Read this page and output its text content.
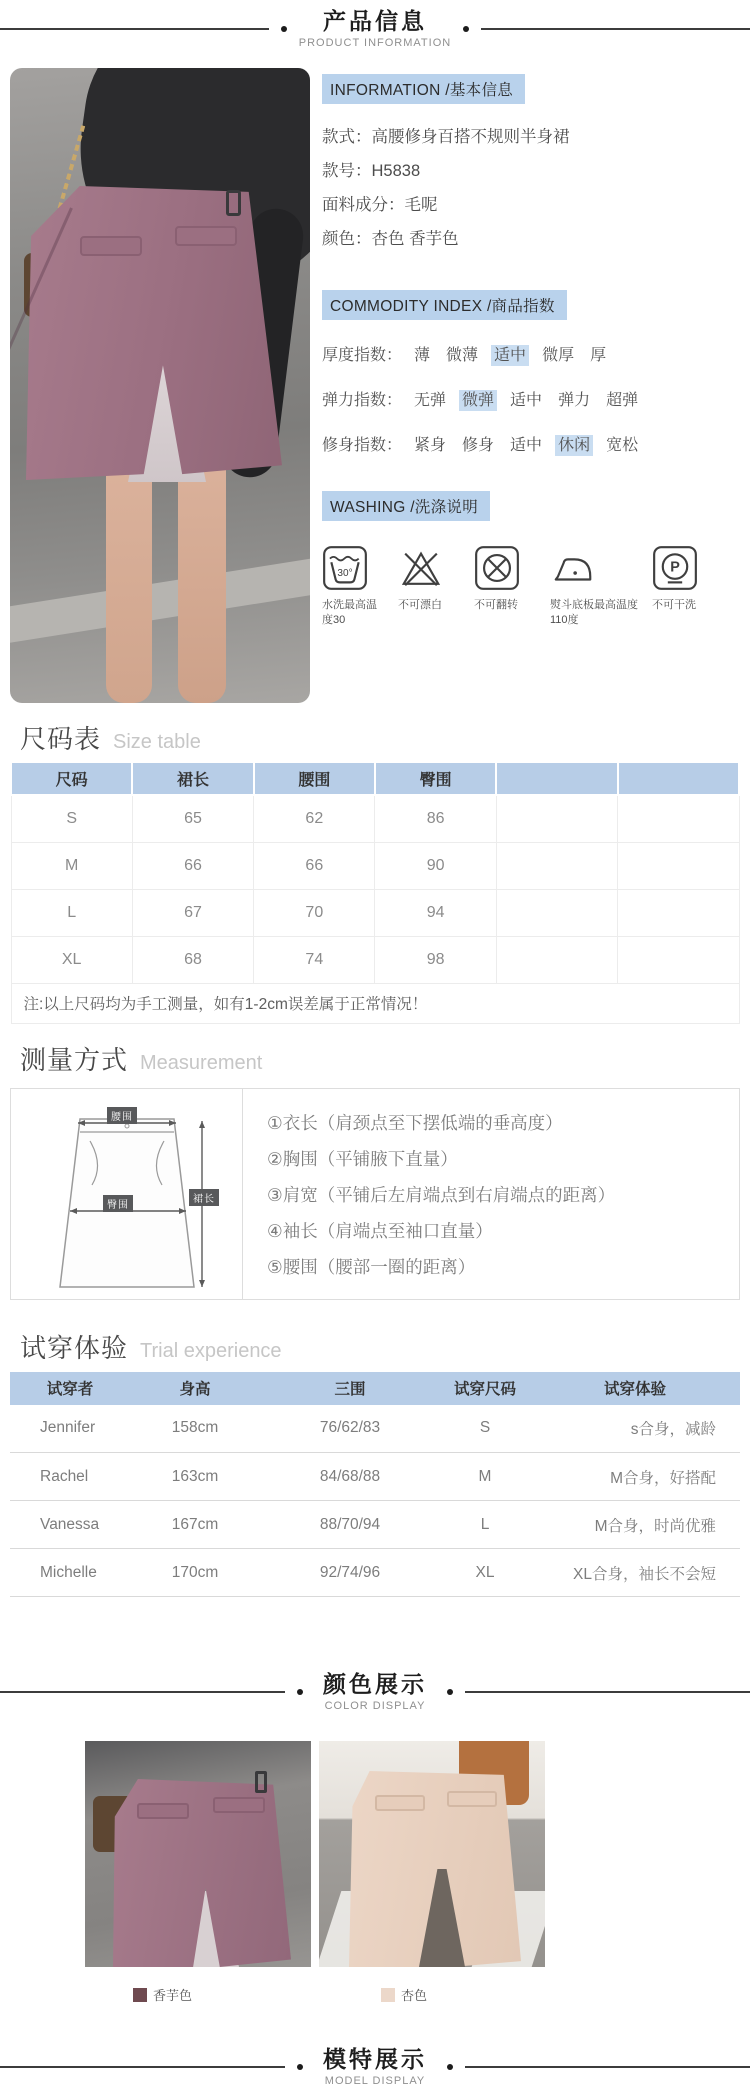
产品信息
PRODUCT INFORMATION
INFORMATION /基本信息
款式：高腰修身百搭不规则半身裙
款号：H5838
面料成分：毛呢
颜色：杏色 香芋色
COMMODITY INDEX /商品指数
厚度指数： 薄 微薄 适中 微厚 厚
弹力指数： 无弹 微弹 适中 弹力 超弹
修身指数： 紧身 修身 适中 休闲 宽松
WASHING /洗涤说明
30°
水洗最高温度30
不可漂白	不可翻转	熨斗底板最高温度110度
P
不可干洗
尺码表 Size table
尺码	裙长	腰围	臀围		
S	65	62	86		
M	66	66	90		
L	67	70	94		
XL	68	74	98		
注:以上尺码均为手工测量，如有1-2cm误差属于正常情况！					
测量方式 Measurement
腰围
臀围
裙长
①衣长（肩颈点至下摆低端的垂高度）
②胸围（平铺腋下直量）
③肩宽（平铺后左肩端点到右肩端点的距离）
④袖长（肩端点至袖口直量）
⑤腰围（腰部一圈的距离）
试穿体验 Trial experience
试穿者	身高	三围	试穿尺码	试穿体验
Jennifer	158cm	76/62/83	S	s合身，减龄
Rachel	163cm	84/68/88	M	M合身，好搭配
Vanessa	167cm	88/70/94	L	M合身，时尚优雅
Michelle	170cm	92/74/96	XL	XL合身，袖长不会短
颜色展示
COLOR DISPLAY
香芋色	杏色
模特展示
MODEL DISPLAY
